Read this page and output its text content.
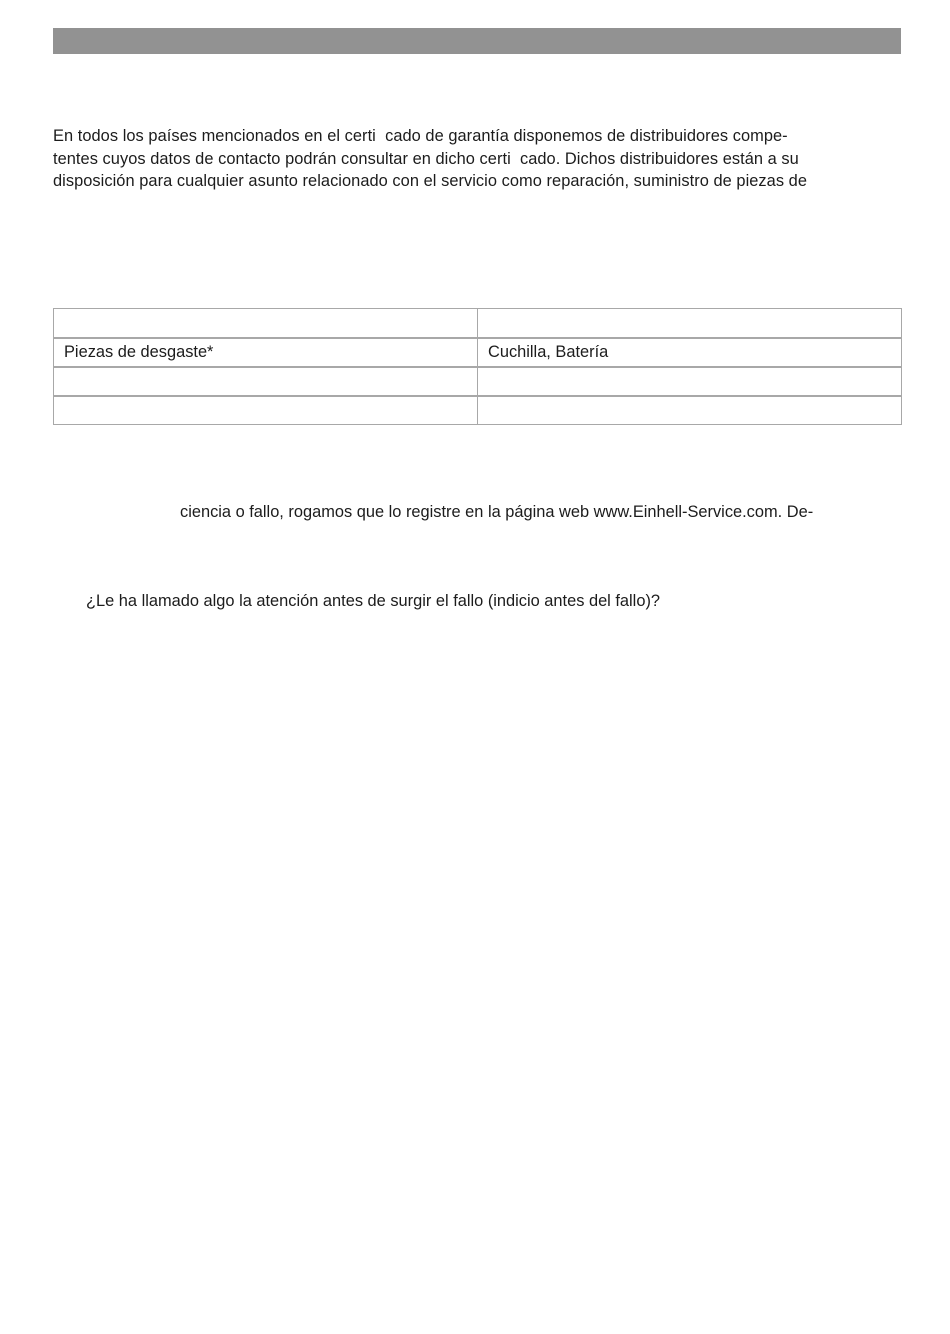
En todos los países mencionados en el certi  cado de garantía disponemos de distribuidores compe-
tentes cuyos datos de contacto podrán consultar en dicho certi  cado. Dichos distribuidores están a su
disposición para cualquier asunto relacionado con el servicio como reparación, suministro de piezas de

Piezas de desgaste*	Cuchilla, Batería

ciencia o fallo, rogamos que lo registre en la página web www.Einhell-Service.com. De-
¿Le ha llamado algo la atención antes de surgir el fallo (indicio antes del fallo)?
